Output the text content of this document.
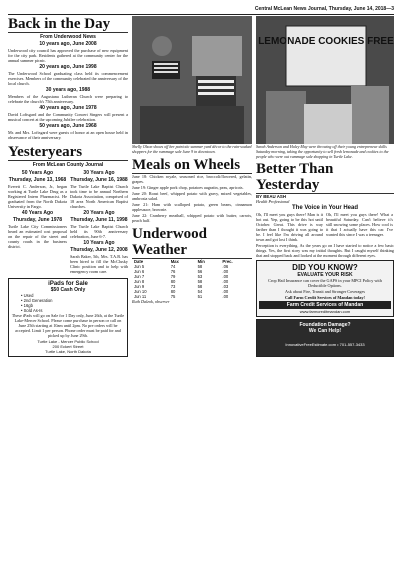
Central McLean News Journal, Thursday, June 14, 2018—3
Back in the Day
From Underwood News
10 years ago, June 2008

Underwood city council has approved the purchase of new equipment for the city park. Residents gathered at the community center for the annual summer picnic.

20 years ago, June 1998

The Underwood School graduating class held its commencement exercises. Members of the community celebrated the anniversary of the local church.

30 years ago, 1988

Members of the Augustana Lutheran Church were preparing to celebrate the church's 75th anniversary.

40 years ago, June 1978

David Loftsgard and the Community Concert Singers will present a musical concert at the upcoming Jubilee celebration.

50 years ago, June 1968

Mr. and Mrs. Loftsgard were guests of honor at an open house held in observance of their anniversary.

Yesteryears
From McLean County Journal
50 Years Ago
Thursday, June 13, 1968

Everett C. Anderson, Jr., began working at Turtle Lake Drug as a Registered Intern Pharmacist. He graduated from the North Dakota University in Fargo.

40 Years Ago
Thursday, June 1978

Turtle Lake City Commissioners heard an estimated cost proposal on the repair of the street and county roads in the business district.

30 Years Ago
Thursday, June 16, 1988

The Turtle Lake Baptist Church took time to be annual Northern Dakota Association, comprised of 18 area North American Baptist churches.

20 Years Ago
Thursday, June 11, 1998

The Turtle Lake Baptist Church held its 90th anniversary celebration, June 6-7.

10 Years Ago
Thursday, June 12, 2008

Sarah Baker, 5th, Mrs. T.A.B. has been hired to fill the McClusky Clinic position and to help with emergency room care.

iPads for Sale
$50 Cash Only
• Used
• 2nd Generation
• 16gb
• Sold As-Is

These iPads will go on Sale for 1 Day only, June 26th, at the Turtle Lake-Mercer School. Please come purchase in person or call on June 25th starting at 10am until 2pm. No pre orders will be accepted. Limit 1 per person. Phone order must be paid for and picked up by June 29th.

Turtle Lake - Mercer Public School
200 Eckert Street
Turtle Lake, North Dakota
Shelly Olson shows off her patriotic summer yard décor to the rain-soaked shoppers for the rummage sale June 9 in downtown.
Meals on Wheels

June 18: Chicken royale, seasoned rice, broccoli/flowered, gelatin, grapes.

June 19: Ginger apple pork chop, potatoes augratin, peas, apricots.

June 20: Roast beef, whipped potato with gravy, mixed vegetables, ambrosia salad.

June 21: Ham with scalloped potato, green beans, cinnamon applesauce, brownie.

June 22: Cranberry meatball, whipped potato with butter, carrots, peach half.

Underwood Weather
Date	Max	Min	Prec.
Jun 5	74	58	.06
Jun 6	76	56	.00
Jun 7	79	53	.00
Jun 8	80	58	.00
Jun 9	73	58	.03
Jun 10	80	54	.00
Jun 11	75	51	.00
Ruth Dalzok, observer
LEMONADE COOKIES FREE
Sarah Anderson and Haley May were throwing off their young entrepreneur skills Saturday morning, taking the opportunity to sell fresh lemonade and cookies to the people who were out rummage sale shopping in Turtle Lake.
Better Than Yesterday
BY BEAU ASH
Health Professional
The Voice in Your Head

Oh, I'll meet you guys there! Man is it hot out. Yep, going to be this hot until October. Great. This drive is way farther than I thought it was going to be. I feel like I'm driving all around town and got lost I think.

Oh, I'll meet you guys there! What a beautiful Saturday. Can't believe it's still snowing some places. How cool is it that I actually have this car. I've wanted this since I was a teenager.

Perception is everything. As the years go on I have started to notice a few basic things. Yes, the first story was my initial thoughts. But I caught myself thinking that and stopped back and looked at the moment through different eyes.

DID YOU KNOW?
EVALUATE YOUR RISK
Crop Hail Insurance can cover the GAPS in your MPCI Policy with Deductible Options.
Ask about Fire, Transit and Stronger Coverages
Call Farm Credit Services of Mandan today!
Farm Credit Services of Mandan
www.farmcreditmandan.com
Foundation Damage?
We Can Help!
InnovativeFreeEstimate.com • 701-557-3433
